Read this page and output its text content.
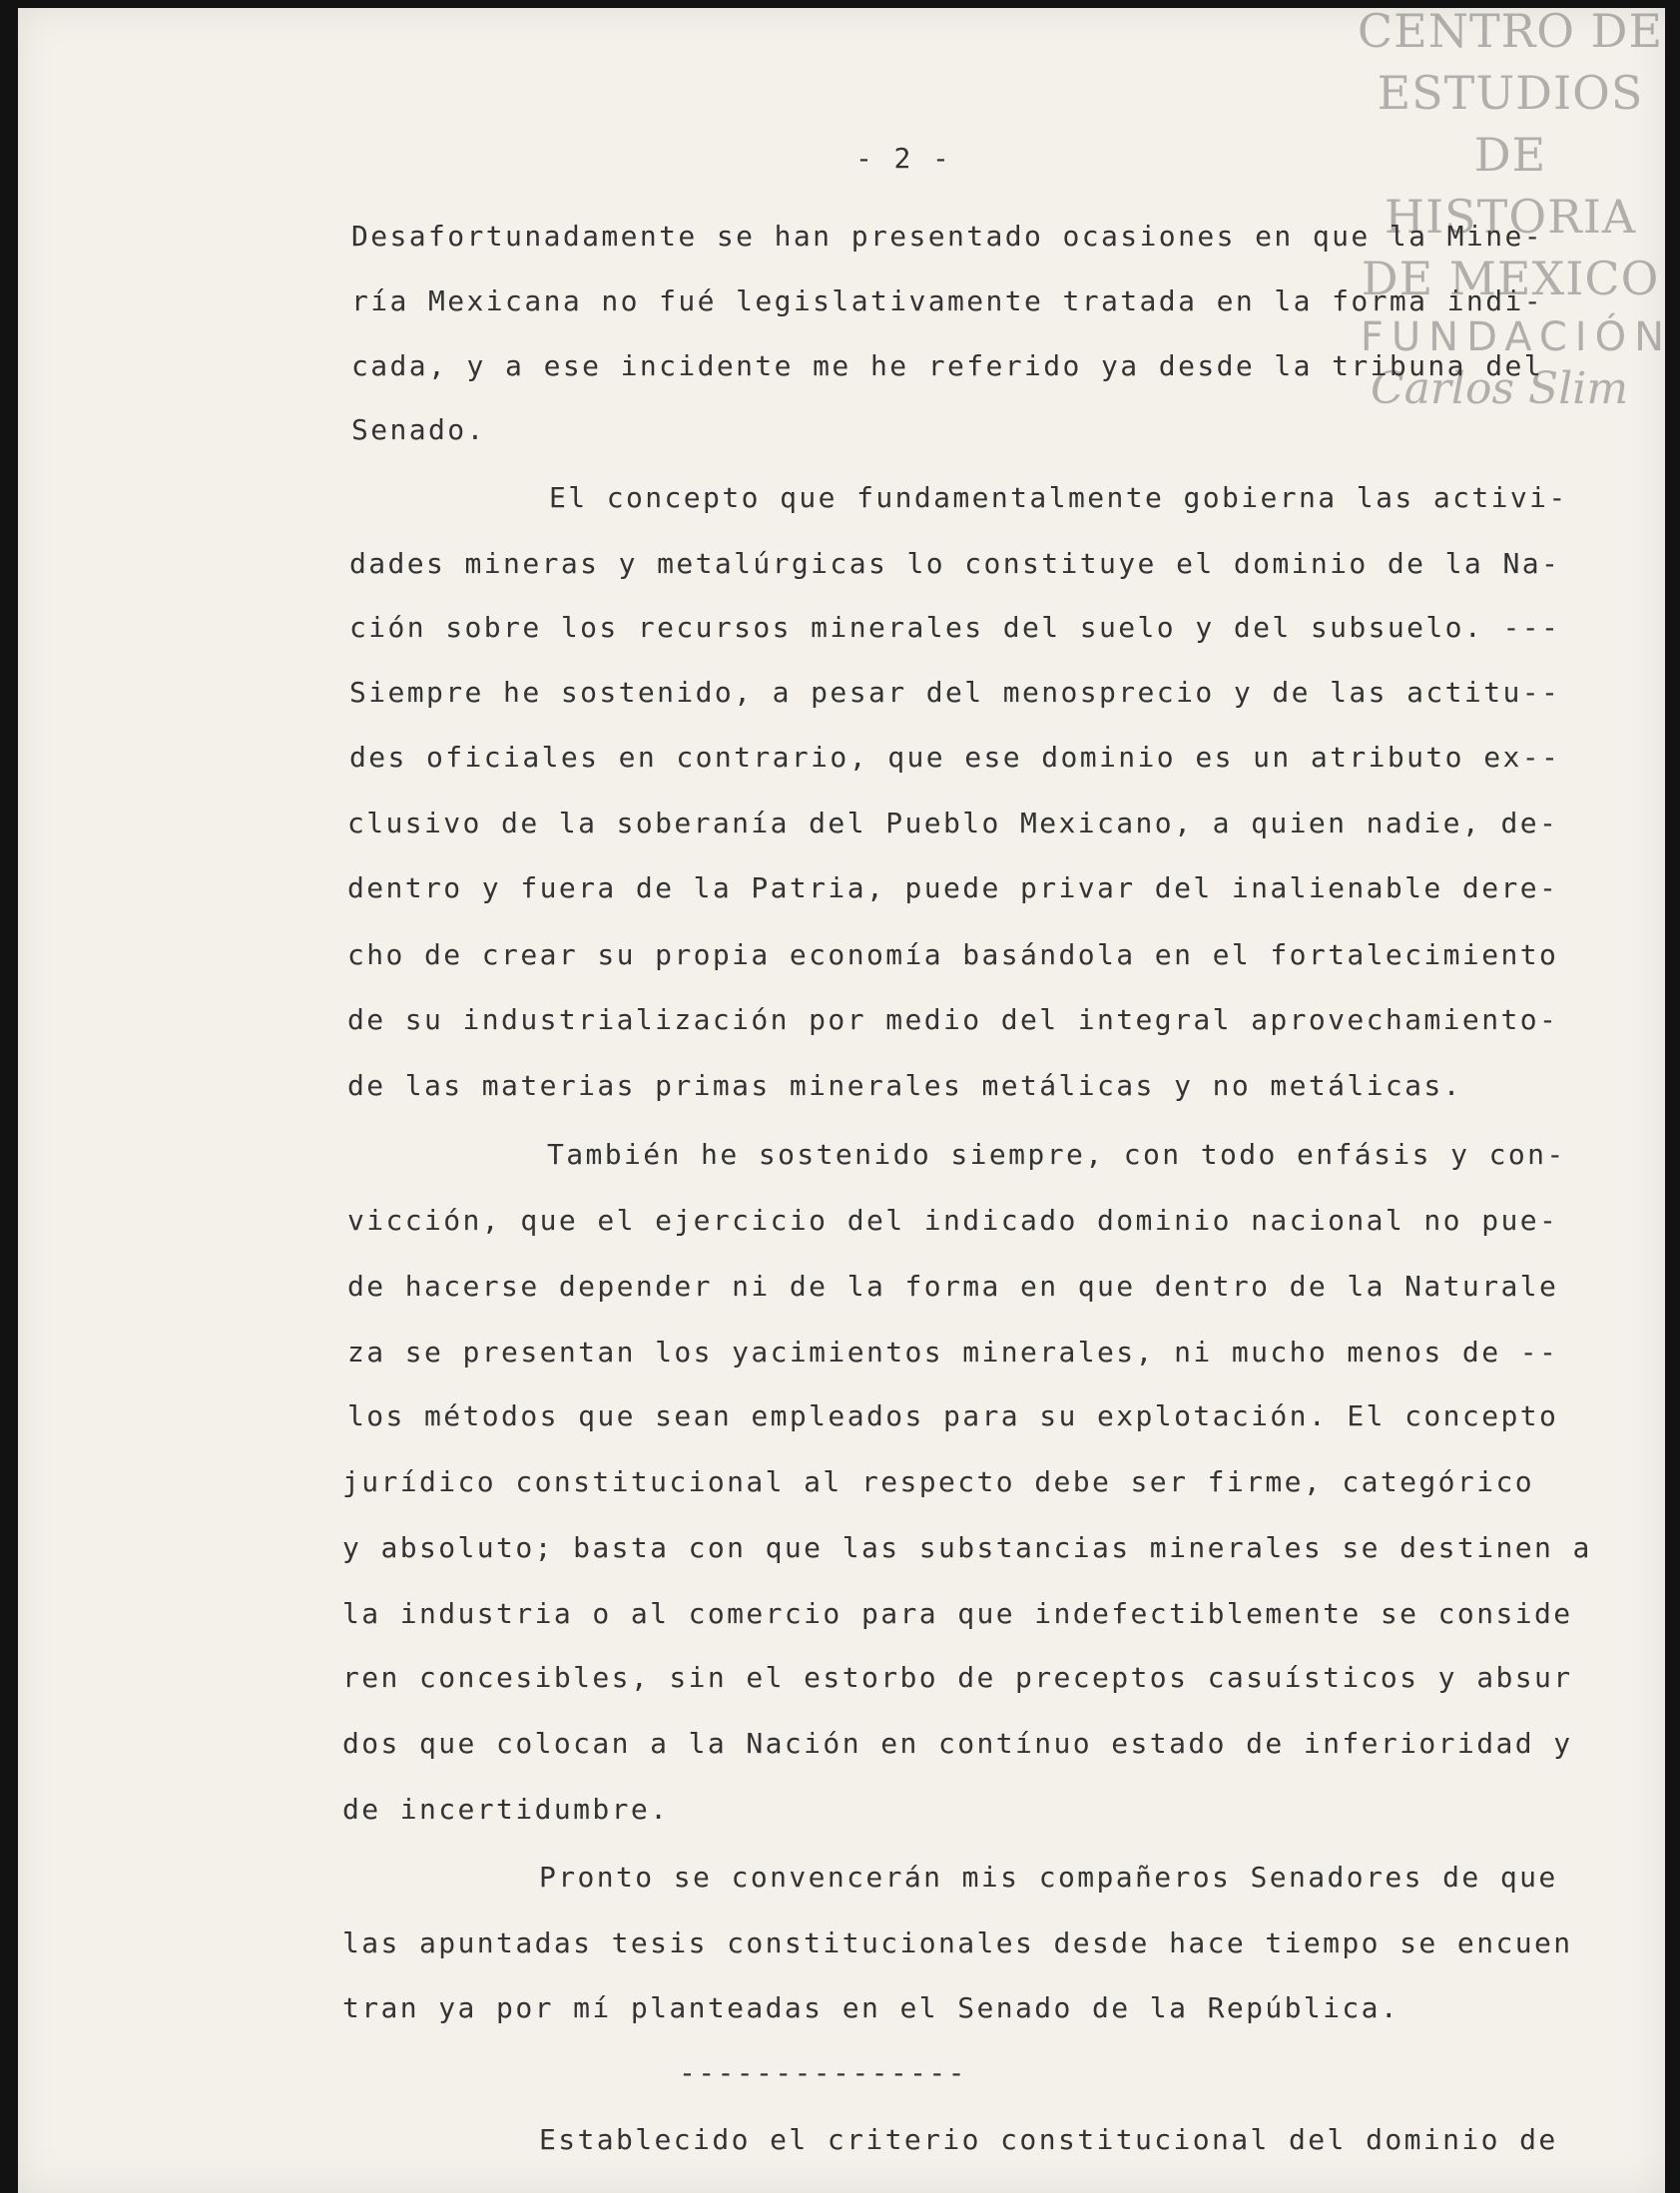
CENTRO DE
ESTUDIOS
DE HISTORIA
DE MEXICO
FUNDACIÓN
Carlos Slim
- 2 -
Desafortunadamente se han presentado ocasiones en que la Mine-
ría Mexicana no fué legislativamente tratada en la forma indi-
cada, y a ese incidente me he referido ya desde la tribuna del
Senado.
El concepto que fundamentalmente gobierna las activi-
dades mineras y metalúrgicas lo constituye el dominio de la Na-
ción sobre los recursos minerales del suelo y del subsuelo. ---
Siempre he sostenido, a pesar del menosprecio y de las actitu--
des oficiales en contrario, que ese dominio es un atributo ex--
clusivo de la soberanía del Pueblo Mexicano, a quien nadie, de-
dentro y fuera de la Patria, puede privar del inalienable dere-
cho de crear su propia economía basándola en el fortalecimiento
de su industrialización por medio del integral aprovechamiento-
de las materias primas minerales metálicas y no metálicas.
También he sostenido siempre, con todo enfásis y con-
vicción, que el ejercicio del indicado dominio nacional no pue-
de hacerse depender ni de la forma en que dentro de la Naturale
za se presentan los yacimientos minerales, ni mucho menos de --
los métodos que sean empleados para su explotación. El concepto
jurídico constitucional al respecto debe ser firme, categórico
y absoluto; basta con que las substancias minerales se destinen a
la industria o al comercio para que indefectiblemente se conside
ren concesibles, sin el estorbo de preceptos casuísticos y absur
dos que colocan a la Nación en contínuo estado de inferioridad y
de incertidumbre.
Pronto se convencerán mis compañeros Senadores de que
las apuntadas tesis constitucionales desde hace tiempo se encuen
tran ya por mí planteadas en el Senado de la República.
---------------
Establecido el criterio constitucional del dominio de
